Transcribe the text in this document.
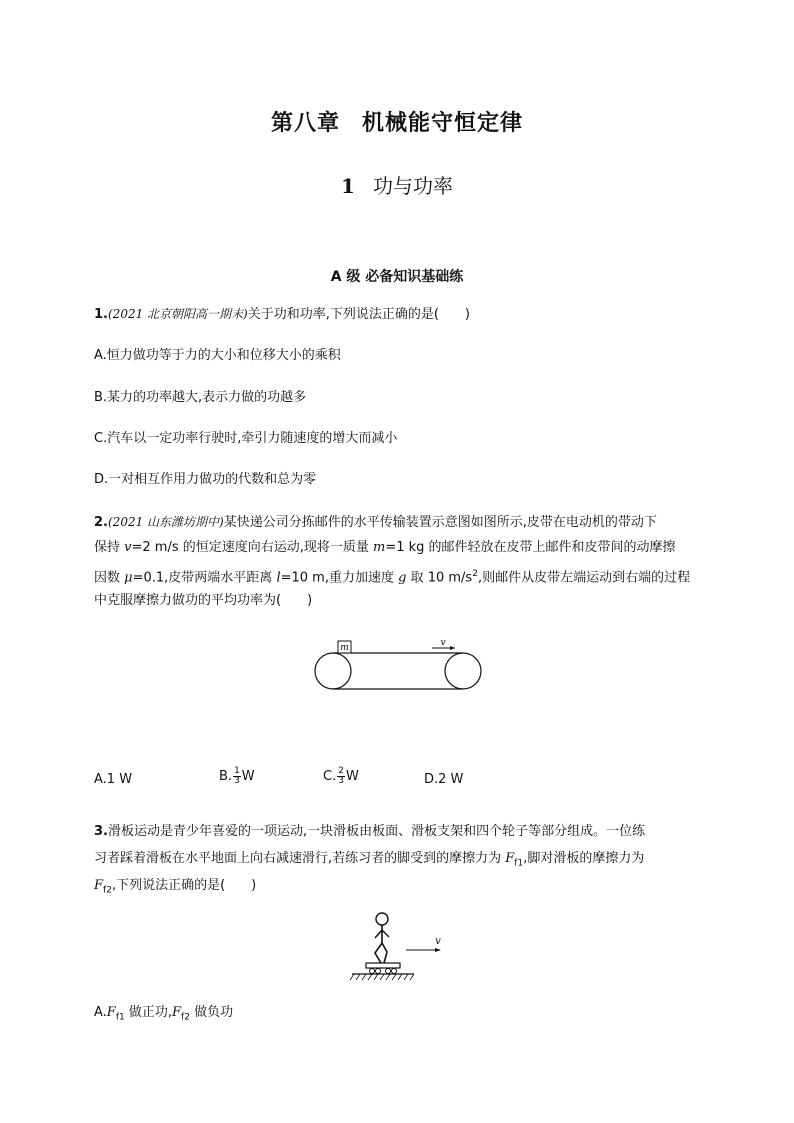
第八章 机械能守恒定律
1 功与功率
A 级 必备知识基础练
1.(2021 北京朝阳高一期末)关于功和功率,下列说法正确的是(　　)
A.恒力做功等于力的大小和位移大小的乘积
B.某力的功率越大,表示力做的功越多
C.汽车以一定功率行驶时,牵引力随速度的增大而减小
D.一对相互作用力做功的代数和总为零
2.(2021 山东潍坊期中)某快递公司分拣邮件的水平传输装置示意图如图所示,皮带在电动机的带动下
保持 v=2 m/s 的恒定速度向右运动,现将一质量 m=1 kg 的邮件轻放在皮带上邮件和皮带间的动摩擦
因数 μ=0.1,皮带两端水平距离 l=10 m,重力加速度 g 取 10 $m/s^2$,则邮件从皮带左端运动到右端的过程
中克服摩擦力做功的平均功率为(　　)
m	v
A.1 W	B. $\frac{1}{3}$ W	C. $\frac{2}{3}$ W	D.2 W
3.滑板运动是青少年喜爱的一项运动,一块滑板由板面、滑板支架和四个轮子等部分组成。一位练
习者踩着滑板在水平地面上向右减速滑行,若练习者的脚受到的摩擦力为 $F_{f1}$,脚对滑板的摩擦力为
$F_{f2}$,下列说法正确的是(　　)
v
$A.F_{f1}$ 做正功$,F_{f2}$ 做负功
